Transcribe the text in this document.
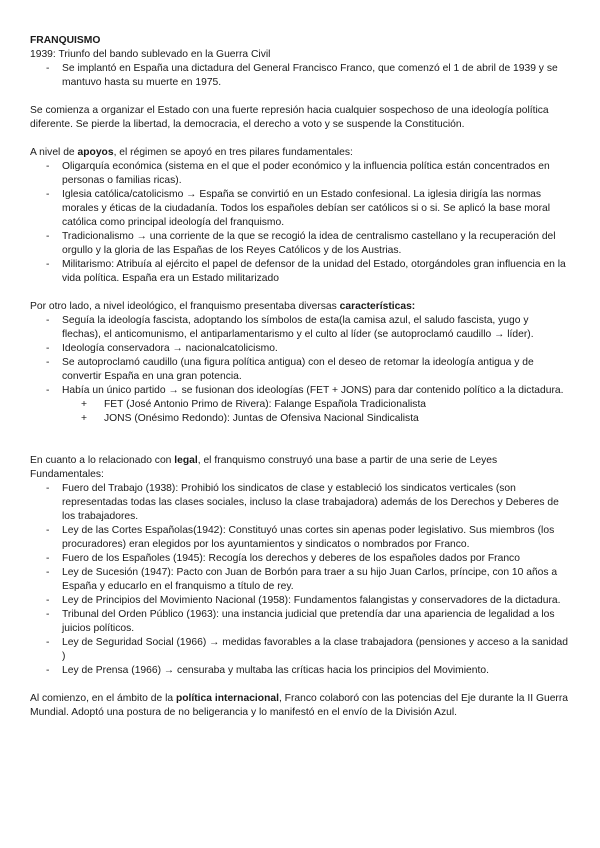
FRANQUISMO

1939: Triunfo del bando sublevado en la Guerra Civil

- Se implantó en España una dictadura del General Francisco Franco, que comenzó el 1 de abril de 1939 y se mantuvo hasta su muerte en 1975.

Se comienza a organizar el Estado con una fuerte represión hacia cualquier sospechoso de una ideología política diferente. Se pierde la libertad, la democracia, el derecho a voto y se suspende la Constitución.

A nivel de apoyos, el régimen se apoyó en tres pilares fundamentales:

- Oligarquía económica (sistema en el que el poder económico y la influencia política están concentrados en personas o familias ricas).
- Iglesia católica/catolicismo → España se convirtió en un Estado confesional. La iglesia dirigía las normas morales y éticas de la ciudadanía. Todos los españoles debían ser católicos si o si. Se aplicó la base moral católica como principal ideología del franquismo.
- Tradicionalismo → una corriente de la que se recogió la idea de centralismo castellano y la recuperación del orgullo y la gloria de las Españas de los Reyes Católicos y de los Austrias.
- Militarismo: Atribuía al ejército el papel de defensor de la unidad del Estado, otorgándoles gran influencia en la vida política. España era un Estado militarizado

Por otro lado, a nivel ideológico, el franquismo presentaba diversas características:

- Seguía la ideología fascista, adoptando los símbolos de esta(la camisa azul, el saludo fascista, yugo y flechas), el anticomunismo, el antiparlamentarismo y el culto al líder (se autoproclamó caudillo → líder).
- Ideología conservadora → nacionalcatolicismo.
- Se autoproclamó caudillo (una figura política antigua) con el deseo de retomar la ideología antigua y de convertir España en una gran potencia.
- Había un único partido → se fusionan dos ideologías (FET + JONS) para dar contenido político a la dictadura.
+ FET (José Antonio Primo de Rivera): Falange Española Tradicionalista
+ JONS (Onésimo Redondo): Juntas de Ofensiva Nacional Sindicalista

En cuanto a lo relacionado con legal, el franquismo construyó una base a partir de una serie de Leyes Fundamentales:

- Fuero del Trabajo (1938): Prohibió los sindicatos de clase y estableció los sindicatos verticales (son representadas todas las clases sociales, incluso la clase trabajadora) además de los Derechos y Deberes de los trabajadores.
- Ley de las Cortes Españolas(1942): Constituyó unas cortes sin apenas poder legislativo. Sus miembros (los procuradores) eran elegidos por los ayuntamientos y sindicatos o nombrados por Franco.
- Fuero de los Españoles (1945): Recogía los derechos y deberes de los españoles dados por Franco
- Ley de Sucesión (1947): Pacto con Juan de Borbón para traer a su hijo Juan Carlos, príncipe, con 10 años a España y educarlo en el franquismo a título de rey.
- Ley de Principios del Movimiento Nacional (1958): Fundamentos falangistas y conservadores de la dictadura.
- Tribunal del Orden Público (1963): una instancia judicial que pretendía dar una apariencia de legalidad a los juicios políticos.
- Ley de Seguridad Social (1966) → medidas favorables a la clase trabajadora (pensiones y acceso a la sanidad )
- Ley de Prensa (1966) → censuraba y multaba las críticas hacia los principios del Movimiento.

Al comienzo, en el ámbito de la política internacional, Franco colaboró con las potencias del Eje durante la II Guerra Mundial. Adoptó una postura de no beligerancia y lo manifestó en el envío de la División Azul.
